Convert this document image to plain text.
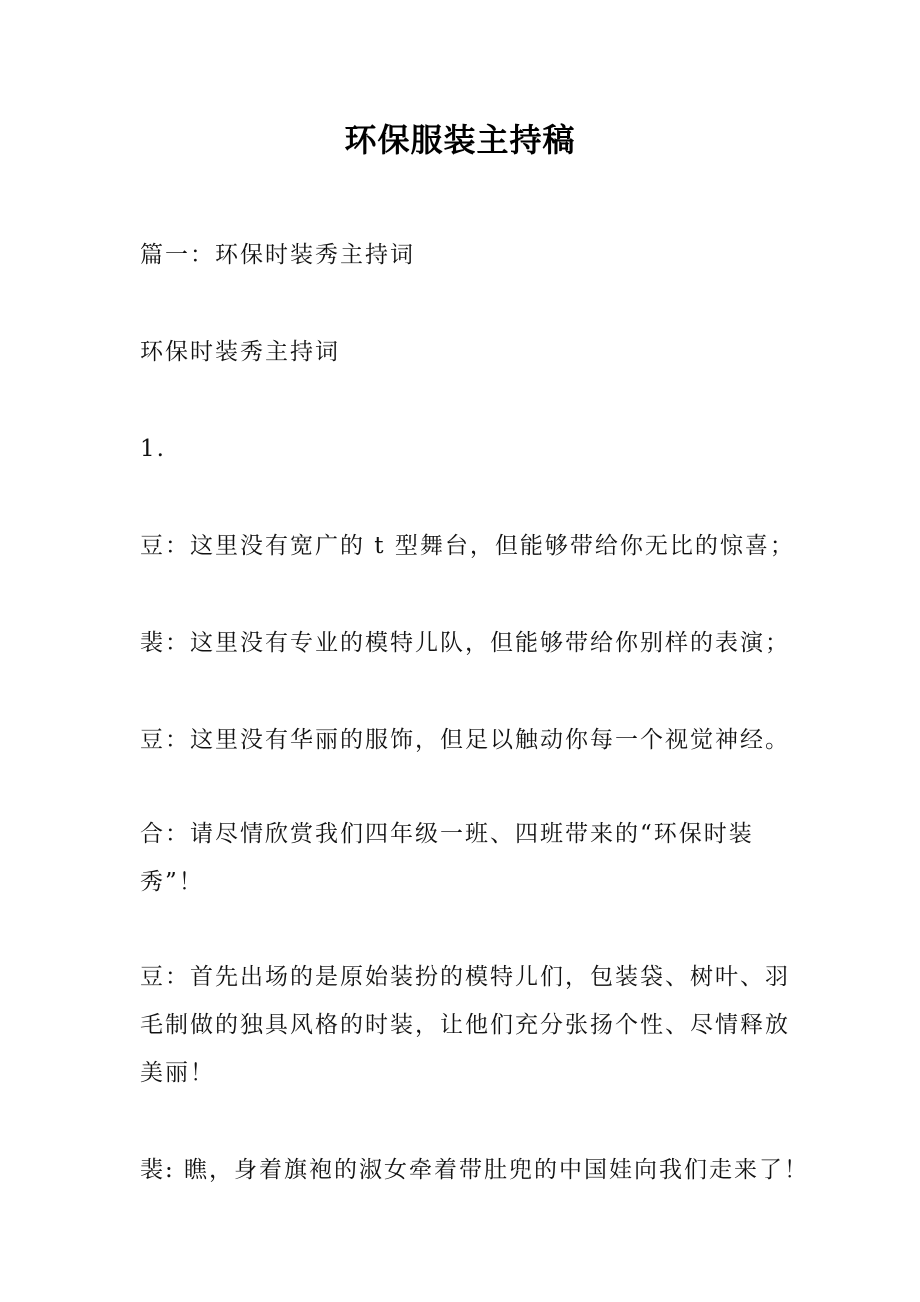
环保服装主持稿
篇一：环保时装秀主持词
环保时装秀主持词
1.
豆：这里没有宽广的 t 型舞台，但能够带给你无比的惊喜；
裴：这里没有专业的模特儿队，但能够带给你别样的表演；
豆：这里没有华丽的服饰，但足以触动你每一个视觉神经。
合：请尽情欣赏我们四年级一班、四班带来的“环保时装
秀”！
豆：首先出场的是原始装扮的模特儿们，包装袋、树叶、羽
毛制做的独具风格的时装，让他们充分张扬个性、尽情释放
美丽！
裴: 瞧，身着旗袍的淑女牵着带肚兜的中国娃向我们走来了！
